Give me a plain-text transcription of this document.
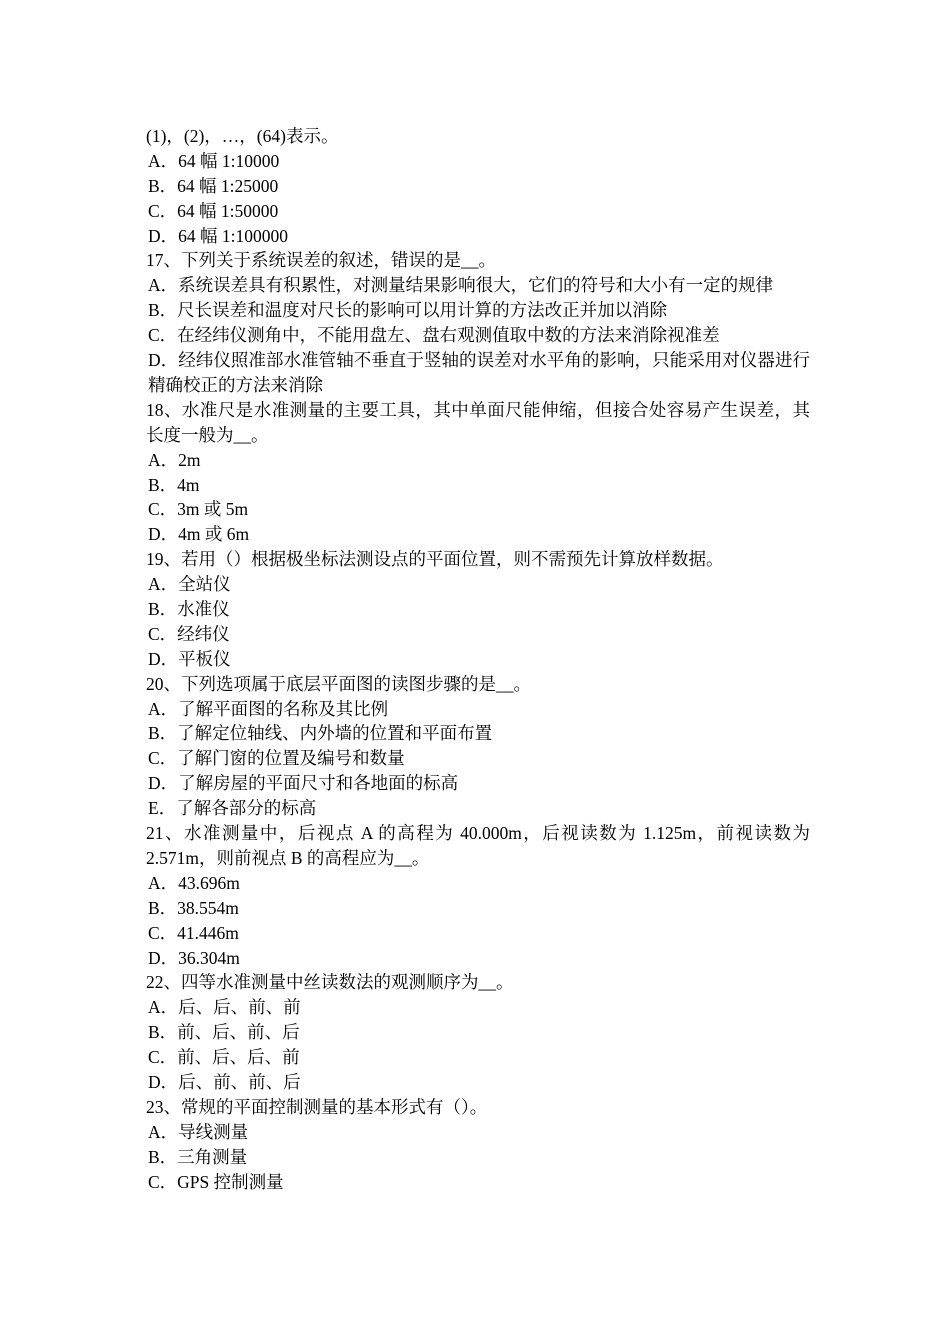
(1)，(2)，…，(64)表示。
A．64 幅 1:10000
B．64 幅 1:25000
C．64 幅 1:50000
D．64 幅 1:100000
17、下列关于系统误差的叙述，错误的是__。
A．系统误差具有积累性，对测量结果影响很大，它们的符号和大小有一定的规律
B．尺长误差和温度对尺长的影响可以用计算的方法改正并加以消除
C．在经纬仪测角中，不能用盘左、盘右观测值取中数的方法来消除视准差
D．经纬仪照准部水准管轴不垂直于竖轴的误差对水平角的影响，只能采用对仪器进行精确校正的方法来消除
18、水准尺是水准测量的主要工具，其中单面尺能伸缩，但接合处容易产生误差，其长度一般为__。
A．2m
B．4m
C．3m 或 5m
D．4m 或 6m
19、若用（）根据极坐标法测设点的平面位置，则不需预先计算放样数据。
A．全站仪
B．水准仪
C．经纬仪
D．平板仪
20、下列选项属于底层平面图的读图步骤的是__。
A．了解平面图的名称及其比例
B．了解定位轴线、内外墙的位置和平面布置
C．了解门窗的位置及编号和数量
D．了解房屋的平面尺寸和各地面的标高
E．了解各部分的标高
21、水准测量中，后视点 A 的高程为 40.000m，后视读数为 1.125m，前视读数为 2.571m，则前视点 B 的高程应为__。
A．43.696m
B．38.554m
C．41.446m
D．36.304m
22、四等水准测量中丝读数法的观测顺序为__。
A．后、后、前、前
B．前、后、前、后
C．前、后、后、前
D．后、前、前、后
23、常规的平面控制测量的基本形式有（）。
A．导线测量
B．三角测量
C．GPS 控制测量
